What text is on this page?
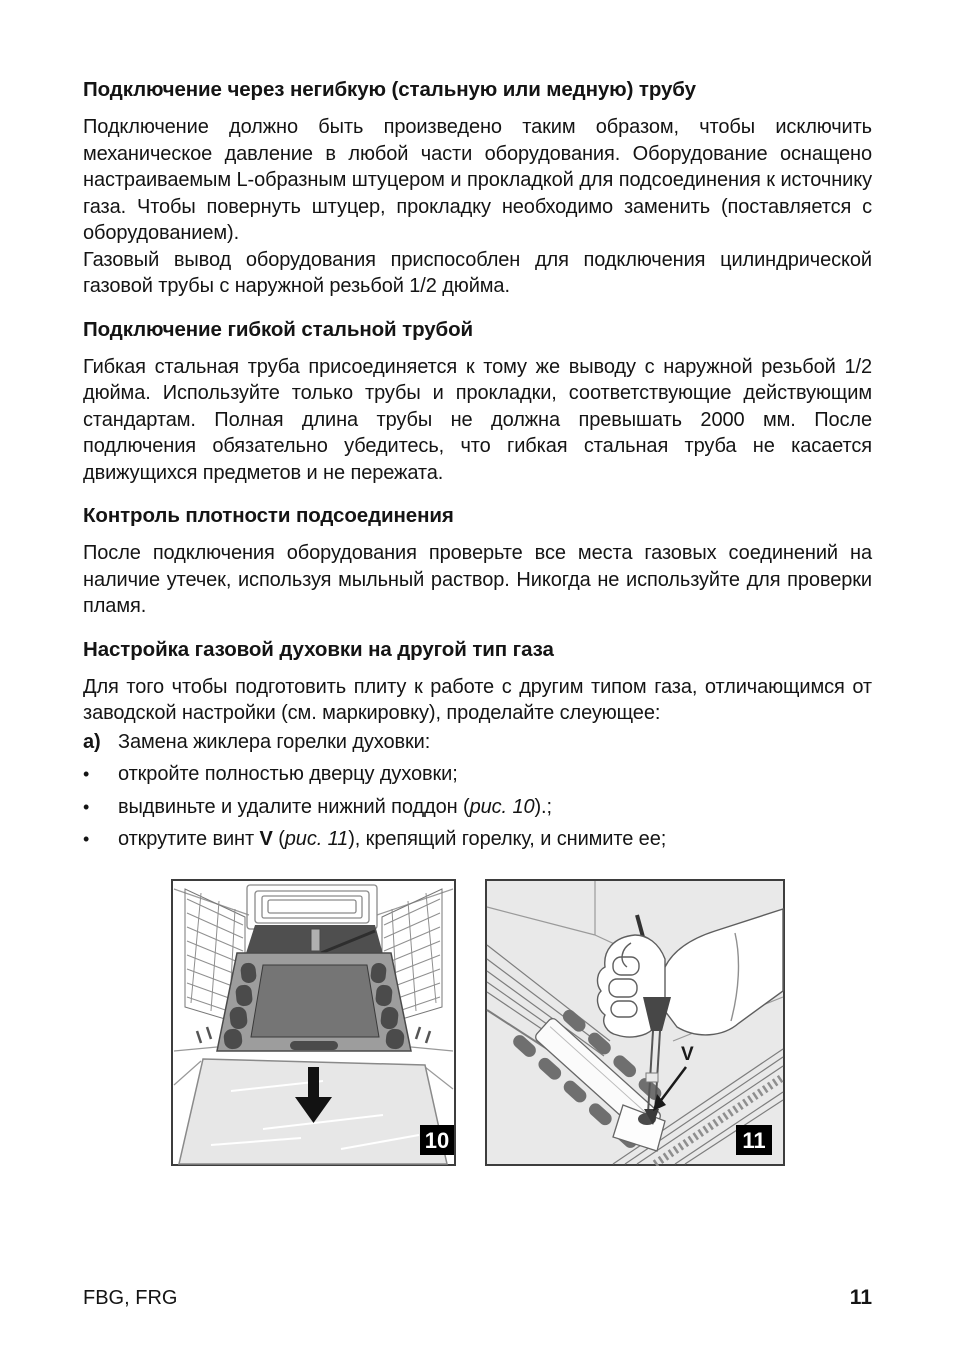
Подключение через негибкую (стальную или медную) трубу

Подключение должно быть произведено таким образом, чтобы исключить механическое давление в любой части оборудования. Оборудование оснащено настраиваемым L-образным штуцером и прокладкой для подсоединения к источнику газа. Чтобы повернуть штуцер, прокладку необходимо заменить (поставляется с оборудованием).

Газовый вывод оборудования приспособлен для подключения цилиндрической газовой трубы с наружной резьбой 1/2 дюйма.

Подключение гибкой стальной трубой

Гибкая стальная труба присоединяется к тому же выводу с наружной резьбой 1/2 дюйма. Используйте только трубы и прокладки, соответствующие действующим стандартам. Полная длина трубы не должна превышать 2000 мм. После подлючения обязательно убедитесь, что гибкая стальная труба не касается движущихся предметов и не пережата.

Контроль плотности подсоединения

После подключения оборудования проверьте все места газовых соединений на наличие утечек, используя мыльный раствор. Никогда не используйте для проверки пламя.

Настройка газовой духовки на другой тип газа

Для того чтобы подготовить плиту к работе с другим типом газа, отличающимся от заводской настройки (см. маркировку), проделайте слеующее:

a) Замена жиклера горелки духовки:
•	откройте полностью дверцу духовки;
•	выдвиньте и удалите нижний поддон (рис. 10).;
•	открутите винт V (рис. 11), крепящий горелку, и снимите ее;
10
V
11
FBG, FRG	11
